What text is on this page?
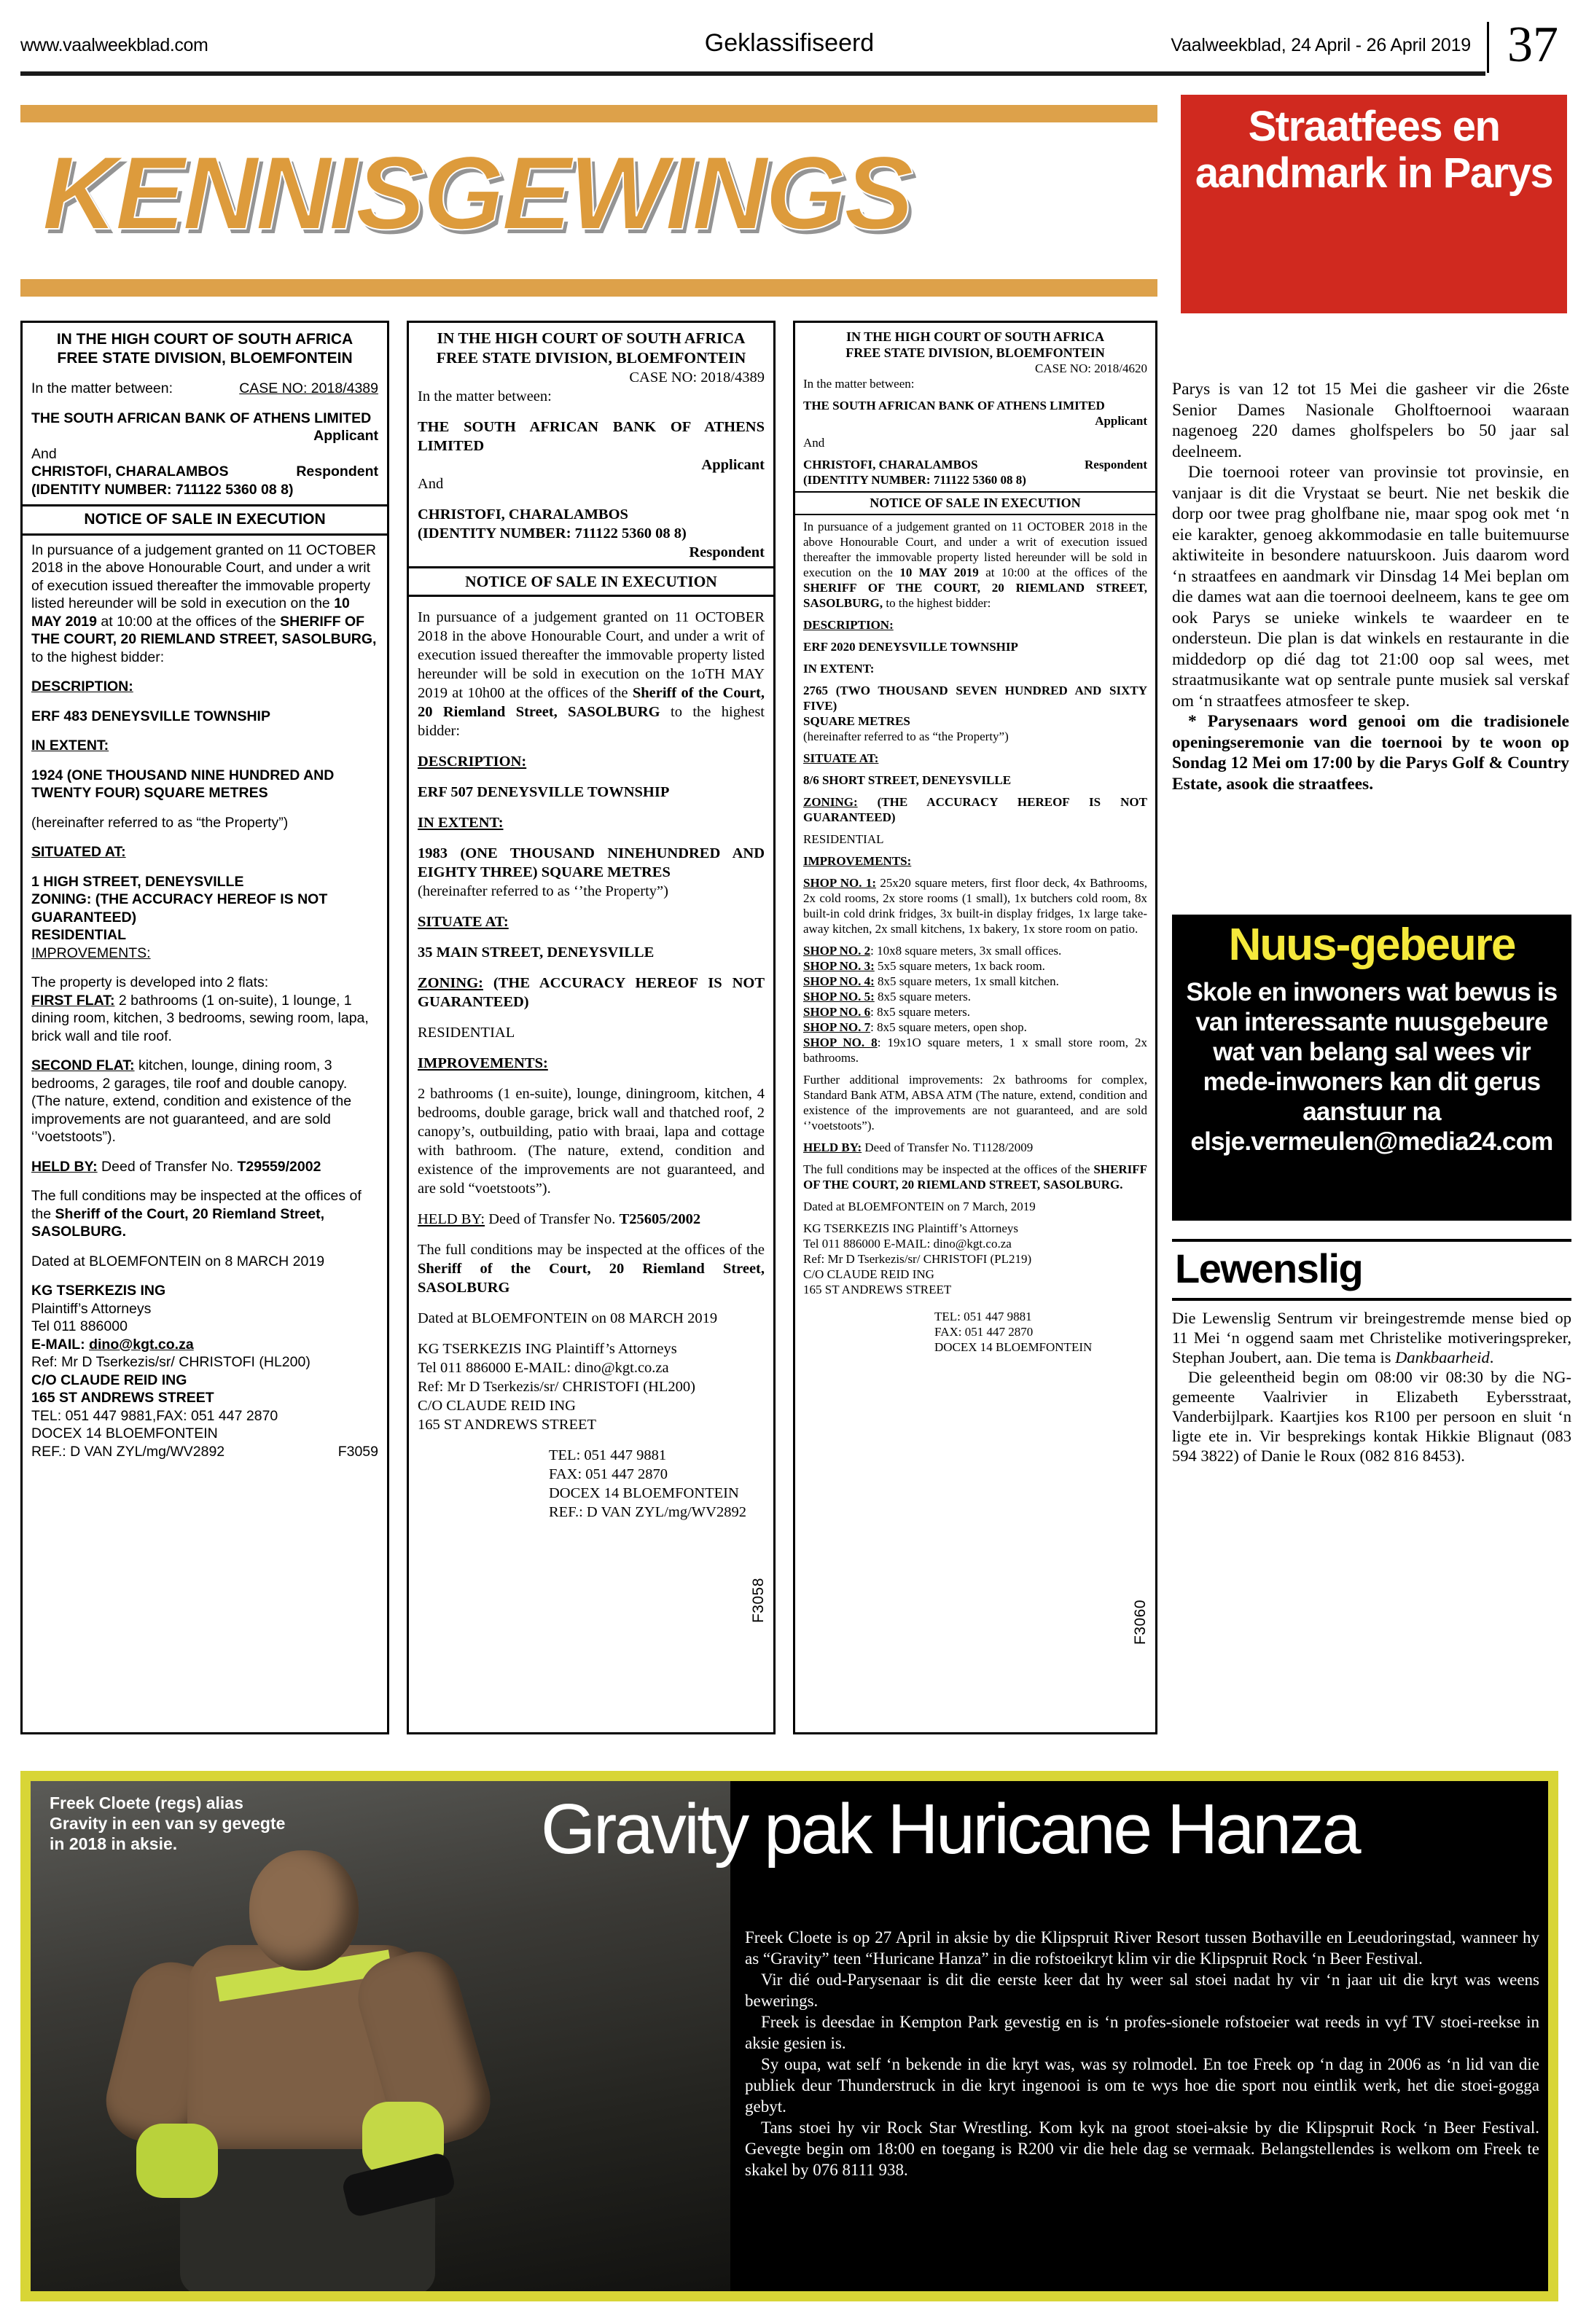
www.vaalweekblad.com	Geklassifiseerd	Vaalweekblad, 24 April - 26 April 2019 37
KENNISGEWINGS
Straatfees en aandmark in Parys
IN THE HIGH COURT OF SOUTH AFRICA
FREE STATE DIVISION, BLOEMFONTEIN
In the matter between:	CASE NO: 2018/4389
THE SOUTH AFRICAN BANK OF ATHENS LIMITED
Applicant
And
CHRISTOFI, CHARALAMBOS	Respondent
(IDENTITY NUMBER: 711122 5360 08 8)
NOTICE OF SALE IN EXECUTION
In pursuance of a judgement granted on 11 OCTOBER 2018 in the above Honourable Court, and under a writ of execution issued thereafter the immovable property listed hereunder will be sold in execution on the 10 MAY 2019 at 10:00 at the offices of the SHERIFF OF THE COURT, 20 RIEMLAND STREET, SASOLBURG, to the highest bidder:
DESCRIPTION:
ERF 483 DENEYSVILLE TOWNSHIP
IN EXTENT:
1924 (ONE THOUSAND NINE HUNDRED AND TWENTY FOUR) SQUARE METRES
(hereinafter referred to as “the Property”)
SITUATED AT:
1 HIGH STREET, DENEYSVILLE
ZONING: (THE ACCURACY HEREOF IS NOT GUARANTEED)
RESIDENTIAL
IMPROVEMENTS:
The property is developed into 2 flats:
FIRST FLAT: 2 bathrooms (1 on-suite), 1 lounge, 1 dining room, kitchen, 3 bedrooms, sewing room, lapa, brick wall and tile roof.
SECOND FLAT: kitchen, lounge, dining room, 3 bedrooms, 2 garages, tile roof and double canopy. (The nature, extend, condition and existence of the improvements are not guaranteed, and are sold ‘’voetstoots”).
HELD BY: Deed of Transfer No. T29559/2002
The full conditions may be inspected at the offices of the Sheriff of the Court, 20 Riemland Street, SASOLBURG.
Dated at BLOEMFONTEIN on 8 MARCH 2019
KG TSERKEZIS ING
Plaintiff’s Attorneys
Tel 011 886000
E-MAIL: dino@kgt.co.za
Ref: Mr D Tserkezis/sr/ CHRISTOFI (HL200)
C/O CLAUDE REID ING
165 ST ANDREWS STREET
TEL: 051 447 9881,FAX: 051 447 2870
DOCEX 14 BLOEMFONTEIN
REF.: D VAN ZYL/mg/WV2892	F3059
IN THE HIGH COURT OF SOUTH AFRICA
FREE STATE DIVISION, BLOEMFONTEIN
CASE NO: 2018/4389
In the matter between:
THE SOUTH AFRICAN BANK OF ATHENS LIMITED
Applicant
And
CHRISTOFI, CHARALAMBOS
(IDENTITY NUMBER: 711122 5360 08 8)
Respondent
NOTICE OF SALE IN EXECUTION
In pursuance of a judgement granted on 11 OCTOBER 2018 in the above Honourable Court, and under a writ of execution issued thereafter the immovable property listed hereunder will be sold in execution on the 1oTH MAY 2019 at 10h00 at the offices of the Sheriff of the Court, 20 Riemland Street, SASOLBURG to the highest bidder:
DESCRIPTION:
ERF 507 DENEYSVILLE TOWNSHIP
IN EXTENT:
1983 (ONE THOUSAND NINEHUNDRED AND EIGHTY THREE) SQUARE METRES
(hereinafter referred to as ‘’the Property”)
SITUATE AT:
35 MAIN STREET, DENEYSVILLE
ZONING: (THE ACCURACY HEREOF IS NOT GUARANTEED)
RESIDENTIAL
IMPROVEMENTS:
2 bathrooms (1 en-suite), lounge, diningroom, kitchen, 4 bedrooms, double garage, brick wall and thatched roof, 2 canopy’s, outbuilding, patio with braai, lapa and cottage with bathroom. (The nature, extend, condition and existence of the improvements are not guaranteed, and are sold “voetstoots”).
HELD BY: Deed of Transfer No. T25605/2002
The full conditions may be inspected at the offices of the Sheriff of the Court, 20 Riemland Street, SASOLBURG
Dated at BLOEMFONTEIN on 08 MARCH 2019
KG TSERKEZIS ING Plaintiff’s Attorneys
Tel 011 886000 E-MAIL: dino@kgt.co.za
Ref: Mr D Tserkezis/sr/ CHRISTOFI (HL200)
C/O CLAUDE REID ING
165 ST ANDREWS STREET
TEL: 051 447 9881
FAX: 051 447 2870
DOCEX 14 BLOEMFONTEIN
REF.: D VAN ZYL/mg/WV2892
F3058
IN THE HIGH COURT OF SOUTH AFRICA
FREE STATE DIVISION, BLOEMFONTEIN
CASE NO: 2018/4620
In the matter between:
THE SOUTH AFRICAN BANK OF ATHENS LIMITED
Applicant
And
CHRISTOFI, CHARALAMBOS	Respondent
(IDENTITY NUMBER: 711122 5360 08 8)
NOTICE OF SALE IN EXECUTION
In pursuance of a judgement granted on 11 OCTOBER 2018 in the above Honourable Court, and under a writ of execution issued thereafter the immovable property listed hereunder will be sold in execution on the 10 MAY 2019 at 10:00 at the offices of the SHERIFF OF THE COURT, 20 RIEMLAND STREET, SASOLBURG, to the highest bidder:
DESCRIPTION:
ERF 2020 DENEYSVILLE TOWNSHIP
IN EXTENT:
2765 (TWO THOUSAND SEVEN HUNDRED AND SIXTY FIVE)
SQUARE METRES
(hereinafter referred to as “the Property”)
SITUATE AT:
8/6 SHORT STREET, DENEYSVILLE
ZONING: (THE ACCURACY HEREOF IS NOT GUARANTEED)
RESIDENTIAL
IMPROVEMENTS:
SHOP NO. 1: 25x20 square meters, first floor deck, 4x Bathrooms, 2x cold rooms, 2x store rooms (1 small), 1x butchers cold room, 8x built-in cold drink fridges, 3x built-in display fridges, 1x large take-away kitchen, 2x small kitchens, 1x bakery, 1x store room on patio.
SHOP NO. 2: 10x8 square meters, 3x small offices.
SHOP NO. 3: 5x5 square meters, 1x back room.
SHOP NO. 4: 8x5 square meters, 1x small kitchen.
SHOP NO. 5: 8x5 square meters.
SHOP NO. 6: 8x5 square meters.
SHOP NO. 7: 8x5 square meters, open shop.
SHOP NO. 8: 19x1O square meters, 1 x small store room, 2x bathrooms.
Further additional improvements: 2x bathrooms for complex, Standard Bank ATM, ABSA ATM (The nature, extend, condition and existence of the improvements are not guaranteed, and are sold ‘’voetstoots”).
HELD BY: Deed of Transfer No. T1128/2009
The full conditions may be inspected at the offices of the SHERIFF OF THE COURT, 20 RIEMLAND STREET, SASOLBURG.
Dated at BLOEMFONTEIN on 7 March, 2019
KG TSERKEZIS ING Plaintiff’s Attorneys
Tel 011 886000 E-MAIL: dino@kgt.co.za
Ref: Mr D Tserkezis/sr/ CHRISTOFI (PL219)
C/O CLAUDE REID ING
165 ST ANDREWS STREET
TEL: 051 447 9881
FAX: 051 447 2870
DOCEX 14 BLOEMFONTEIN
F3060

Parys is van 12 tot 15 Mei die gasheer vir die 26ste Senior Dames Nasionale Gholftoernooi waaraan nagenoeg 220 dames gholfspelers bo 50 jaar sal deelneem.

Die toernooi roteer van provinsie tot provinsie, en vanjaar is dit die Vrystaat se beurt. Nie net beskik die dorp oor twee prag gholfbane nie, maar spog ook met ‘n eie karakter, genoeg akkommodasie en talle buitemuurse aktiwiteite in besondere natuurskoon. Juis daarom word ‘n straatfees en aandmark vir Dinsdag 14 Mei beplan om die dames wat aan die toernooi deelneem, kans te gee om ook Parys se unieke winkels te waardeer en te ondersteun. Die plan is dat winkels en restaurante in die middedorp op dié dag tot 21:00 oop sal wees, met straatmusikante wat op sentrale punte musiek sal verskaf om ‘n straatfees atmosfeer te skep.

* Parysenaars word genooi om die tradisionele openingseremonie van die toernooi by te woon op Sondag 12 Mei om 17:00 by die Parys Golf & Country Estate, asook die straatfees.

Nuus-gebeure
Skole en inwoners wat bewus is van interessante nuusgebeure wat van belang sal wees vir mede-inwoners kan dit gerus aanstuur na elsje.vermeulen@media24.com
Lewenslig

Die Lewenslig Sentrum vir breingestremde mense bied op 11 Mei ‘n oggend saam met Christelike motiveringspreker, Stephan Joubert, aan. Die tema is Dankbaarheid.

Die geleentheid begin om 08:00 vir 08:30 by die NG-gemeente Vaalrivier in Elizabeth Eybersstraat, Vanderbijlpark. Kaartjies kos R100 per persoon en sluit ‘n ligte ete in. Vir besprekings kontak Hikkie Blignaut (083 594 3822) of Danie le Roux (082 816 8453).

Freek Cloete (regs) alias Gravity in een van sy gevegte in 2018 in aksie.	Gravity pak Huricane Hanza

Freek Cloete is op 27 April in aksie by die Klipspruit River Resort tussen Bothaville en Leeudoringstad, wanneer hy as “Gravity” teen “Huricane Hanza” in die rofstoeikryt klim vir die Klipspruit Rock ‘n Beer Festival.

Vir dié oud-Parysenaar is dit die eerste keer dat hy weer sal stoei nadat hy vir ‘n jaar uit die kryt was weens bewerings.

Freek is deesdae in Kempton Park gevestig en is ‘n profes-sionele rofstoeier wat reeds in vyf TV stoei-reekse in aksie gesien is.

Sy oupa, wat self ‘n bekende in die kryt was, was sy rolmodel. En toe Freek op ‘n dag in 2006 as ‘n lid van die publiek deur Thunderstruck in die kryt ingenooi is om te wys hoe die sport nou eintlik werk, het die stoei-gogga gebyt.

Tans stoei hy vir Rock Star Wrestling. Kom kyk na groot stoei-aksie by die Klipspruit Rock ‘n Beer Festival. Gevegte begin om 18:00 en toegang is R200 vir die hele dag se vermaak. Belangstellendes is welkom om Freek te skakel by 076 8111 938.
